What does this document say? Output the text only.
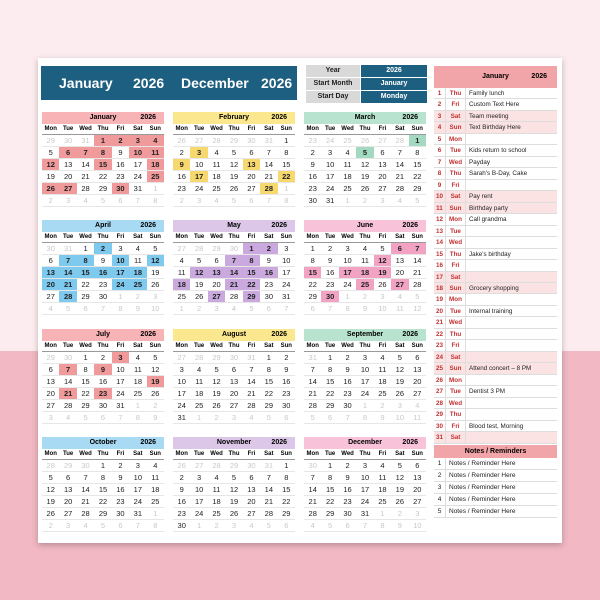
January 2026 December 2026
Year	2026
Start Month	January
Start Day	Monday
January	2026
Mon	Tue	Wed Thu	Fri	Sat	Sun
29	30	31	1	2	3	4
5	6	7	8	9	10	11
12	13	14	15	16	17	18
19	20	21	22	23	24	25
26	27	28	29	30	31	1
2	3	4	5	6	7	8
February	2026
Mon	Tue	Wed Thu	Fri	Sat	Sun
26	27	28	29	30	31	1
2	3	4	5	6	7	8
9	10	11	12	13	14	15
16	17	18	19	20	21	22
23	24	25	26	27	28	1
2	3	4	5	6	7	8
March	2026
Mon	Tue	Wed Thu	Fri	Sat	Sun
23	24	25	26	27	28	1
2	3	4	5	6	7	8
9	10	11	12	13	14	15
16	17	18	19	20	21	22
23	24	25	26	27	28	29
30	31	1	2	3	4	5
April	2026
Mon	Tue	Wed Thu	Fri	Sat	Sun
30	31	1	2	3	4	5
6	7	8	9	10	11	12
13	14	15	16	17	18	19
20	21	22	23	24	25	26
27	28	29	30	1	2	3
4	5	6	7	8	9	10
May	2026
Mon	Tue	Wed Thu	Fri	Sat	Sun
27	28	29	30	1	2	3
4	5	6	7	8	9	10
11	12	13	14	15	16	17
18	19	20	21	22	23	24
25	26	27	28	29	30	31
1	2	3	4	5	6	7
June	2026
Mon	Tue	Wed Thu	Fri	Sat	Sun
1	2	3	4	5	6	7
8	9	10	11	12	13	14
15	16	17	18	19	20	21
22	23	24	25	26	27	28
29	30	1	2	3	4	5
6	7	8	9	10	11	12
July	2026
Mon	Tue	Wed Thu	Fri	Sat	Sun
29	30	1	2	3	4	5
6	7	8	9	10	11	12
13	14	15	16	17	18	19
20	21	22	23	24	25	26
27	28	29	30	31	1	2
3	4	5	6	7	8	9
August	2026
Mon	Tue	Wed Thu	Fri	Sat	Sun
27	28	29	30	31	1	2
3	4	5	6	7	8	9
10	11	12	13	14	15	16
17	18	19	20	21	22	23
24	25	26	27	28	29	30
31	1	2	3	4	5	6
September	2026
Mon	Tue	Wed Thu	Fri	Sat	Sun
31	1	2	3	4	5	6
7	8	9	10	11	12	13
14	15	16	17	18	19	20
21	22	23	24	25	26	27
28	29	30	1	2	3	4
5	6	7	8	9	10	11
October	2026
Mon	Tue	Wed Thu	Fri	Sat	Sun
28	29	30	1	2	3	4
5	6	7	8	9	10	11
12	13	14	15	16	17	18
19	20	21	22	23	24	25
26	27	28	29	30	31	1
2	3	4	5	6	7	8
November	2026
Mon	Tue	Wed Thu	Fri	Sat	Sun
26	27	28	29	30	31	1
2	3	4	5	6	7	8
9	10	11	12	13	14	15
16	17	18	19	20	21	22
23	24	25	26	27	28	29
30	1	2	3	4	5	6
December	2026
Mon	Tue	Wed Thu	Fri	Sat	Sun
30	1	2	3	4	5	6
7	8	9	10	11	12	13
14	15	16	17	18	19	20
21	22	23	24	25	26	27
28	29	30	31	1	2	3
4	5	6	7	8	9	10
January	2026
1	Thu	Family lunch
2	Fri	Custom Text Here
3	Sat	Team meeting
4	Sun	Text Birthday Here
5	Mon
6	Tue	Kids return to school
7	Wed	Payday
8	Thu	Sarah's B-Day, Cake
9	Fri
10	Sat	Pay rent
11	Sun	Birthday party
12 Mon	Call grandma
13	Tue
14 Wed
15	Thu	Jake's birthday
16	Fri
17	Sat
18	Sun	Grocery shopping
19 Mon
20	Tue	Internal training
21 Wed
22	Thu
23	Fri
24	Sat
25	Sun	Attend concert – 8 PM
26 Mon
27	Tue	Dentist 3 PM
28 Wed
29	Thu
30	Fri	Blood test, Morning
31	Sat
Notes / Reminders
1	Notes / Reminder Here
2	Notes / Reminder Here
3	Notes / Reminder Here
4	Notes / Reminder Here
5	Notes / Reminder Here
